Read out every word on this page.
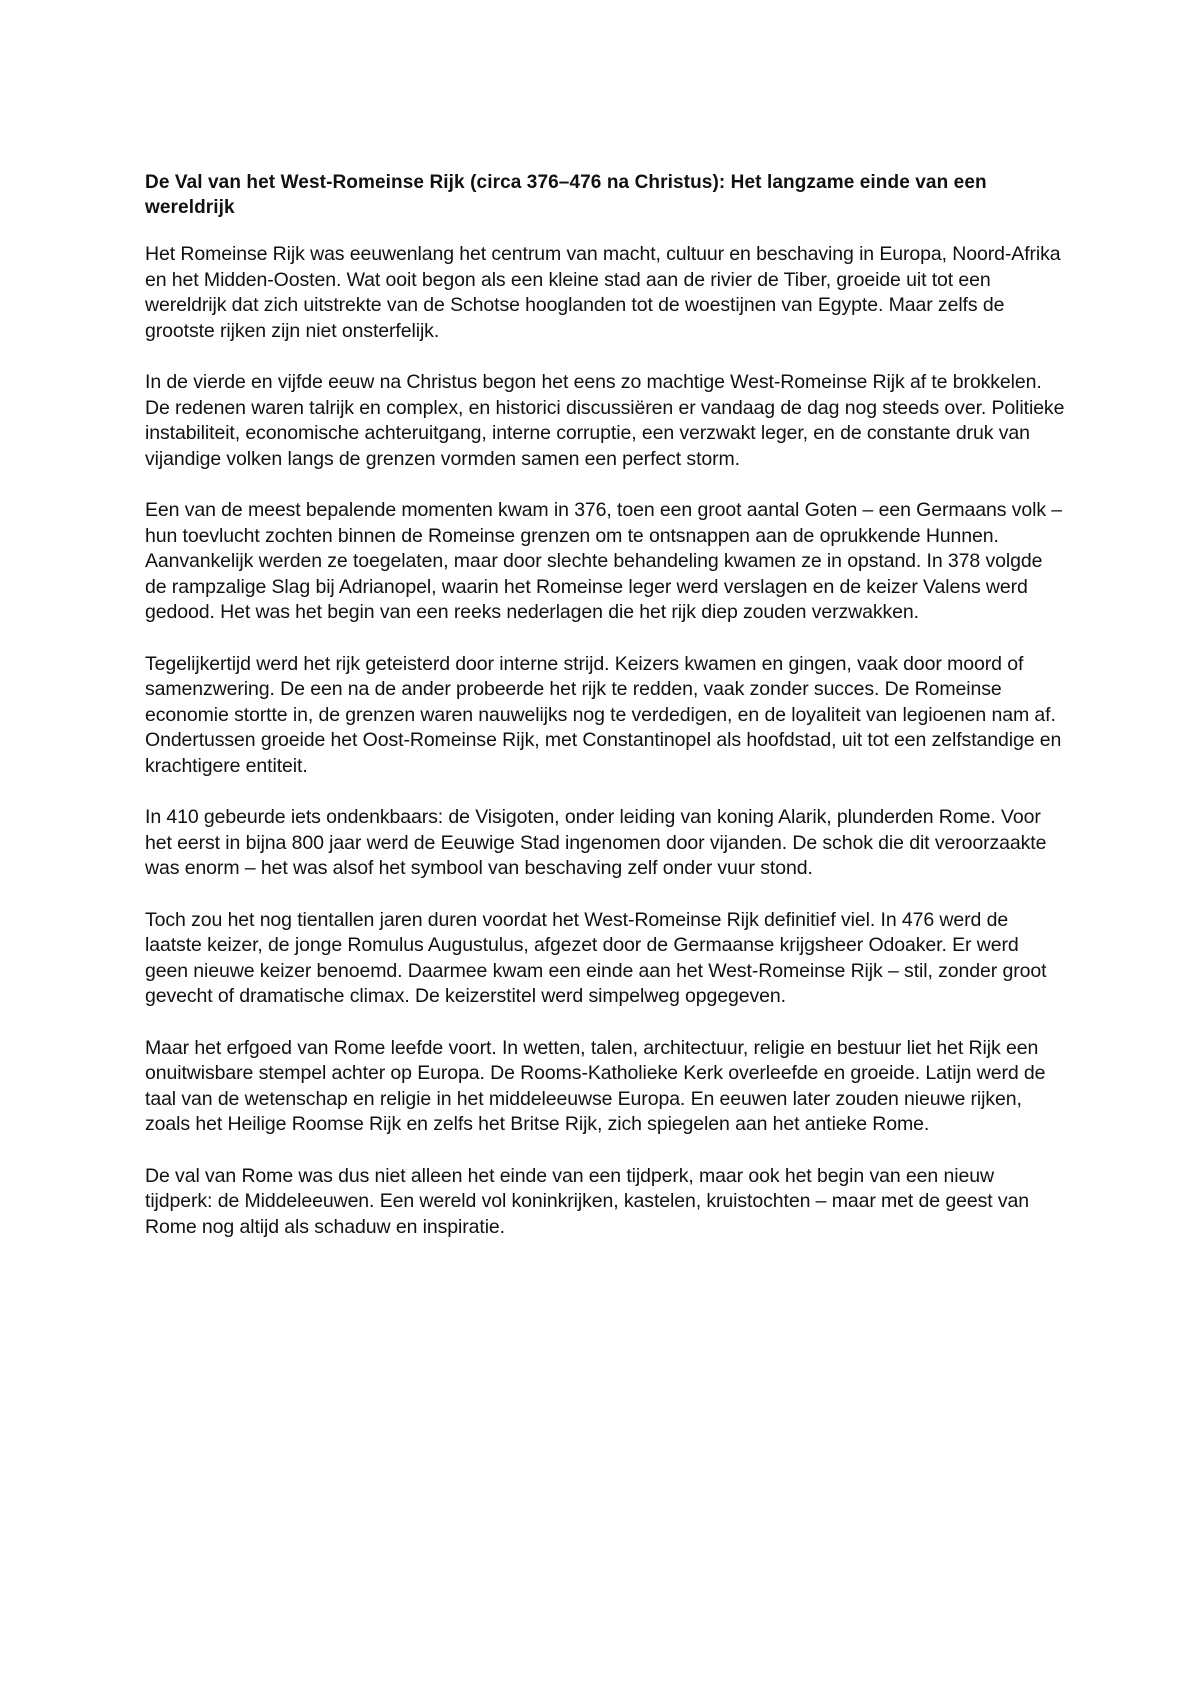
De Val van het West-Romeinse Rijk (circa 376–476 na Christus): Het langzame einde van een wereldrijk

Het Romeinse Rijk was eeuwenlang het centrum van macht, cultuur en beschaving in Europa, Noord-Afrika en het Midden-Oosten. Wat ooit begon als een kleine stad aan de rivier de Tiber, groeide uit tot een wereldrijk dat zich uitstrekte van de Schotse hooglanden tot de woestijnen van Egypte. Maar zelfs de grootste rijken zijn niet onsterfelijk.

In de vierde en vijfde eeuw na Christus begon het eens zo machtige West-Romeinse Rijk af te brokkelen. De redenen waren talrijk en complex, en historici discussiëren er vandaag de dag nog steeds over. Politieke instabiliteit, economische achteruitgang, interne corruptie, een verzwakt leger, en de constante druk van vijandige volken langs de grenzen vormden samen een perfect storm.

Een van de meest bepalende momenten kwam in 376, toen een groot aantal Goten – een Germaans volk – hun toevlucht zochten binnen de Romeinse grenzen om te ontsnappen aan de oprukkende Hunnen. Aanvankelijk werden ze toegelaten, maar door slechte behandeling kwamen ze in opstand. In 378 volgde de rampzalige Slag bij Adrianopel, waarin het Romeinse leger werd verslagen en de keizer Valens werd gedood. Het was het begin van een reeks nederlagen die het rijk diep zouden verzwakken.

Tegelijkertijd werd het rijk geteisterd door interne strijd. Keizers kwamen en gingen, vaak door moord of samenzwering. De een na de ander probeerde het rijk te redden, vaak zonder succes. De Romeinse economie stortte in, de grenzen waren nauwelijks nog te verdedigen, en de loyaliteit van legioenen nam af. Ondertussen groeide het Oost-Romeinse Rijk, met Constantinopel als hoofdstad, uit tot een zelfstandige en krachtigere entiteit.

In 410 gebeurde iets ondenkbaars: de Visigoten, onder leiding van koning Alarik, plunderden Rome. Voor het eerst in bijna 800 jaar werd de Eeuwige Stad ingenomen door vijanden. De schok die dit veroorzaakte was enorm – het was alsof het symbool van beschaving zelf onder vuur stond.

Toch zou het nog tientallen jaren duren voordat het West-Romeinse Rijk definitief viel. In 476 werd de laatste keizer, de jonge Romulus Augustulus, afgezet door de Germaanse krijgsheer Odoaker. Er werd geen nieuwe keizer benoemd. Daarmee kwam een einde aan het West-Romeinse Rijk – stil, zonder groot gevecht of dramatische climax. De keizerstitel werd simpelweg opgegeven.

Maar het erfgoed van Rome leefde voort. In wetten, talen, architectuur, religie en bestuur liet het Rijk een onuitwisbare stempel achter op Europa. De Rooms-Katholieke Kerk overleefde en groeide. Latijn werd de taal van de wetenschap en religie in het middeleeuwse Europa. En eeuwen later zouden nieuwe rijken, zoals het Heilige Roomse Rijk en zelfs het Britse Rijk, zich spiegelen aan het antieke Rome.

De val van Rome was dus niet alleen het einde van een tijdperk, maar ook het begin van een nieuw tijdperk: de Middeleeuwen. Een wereld vol koninkrijken, kastelen, kruistochten – maar met de geest van Rome nog altijd als schaduw en inspiratie.
